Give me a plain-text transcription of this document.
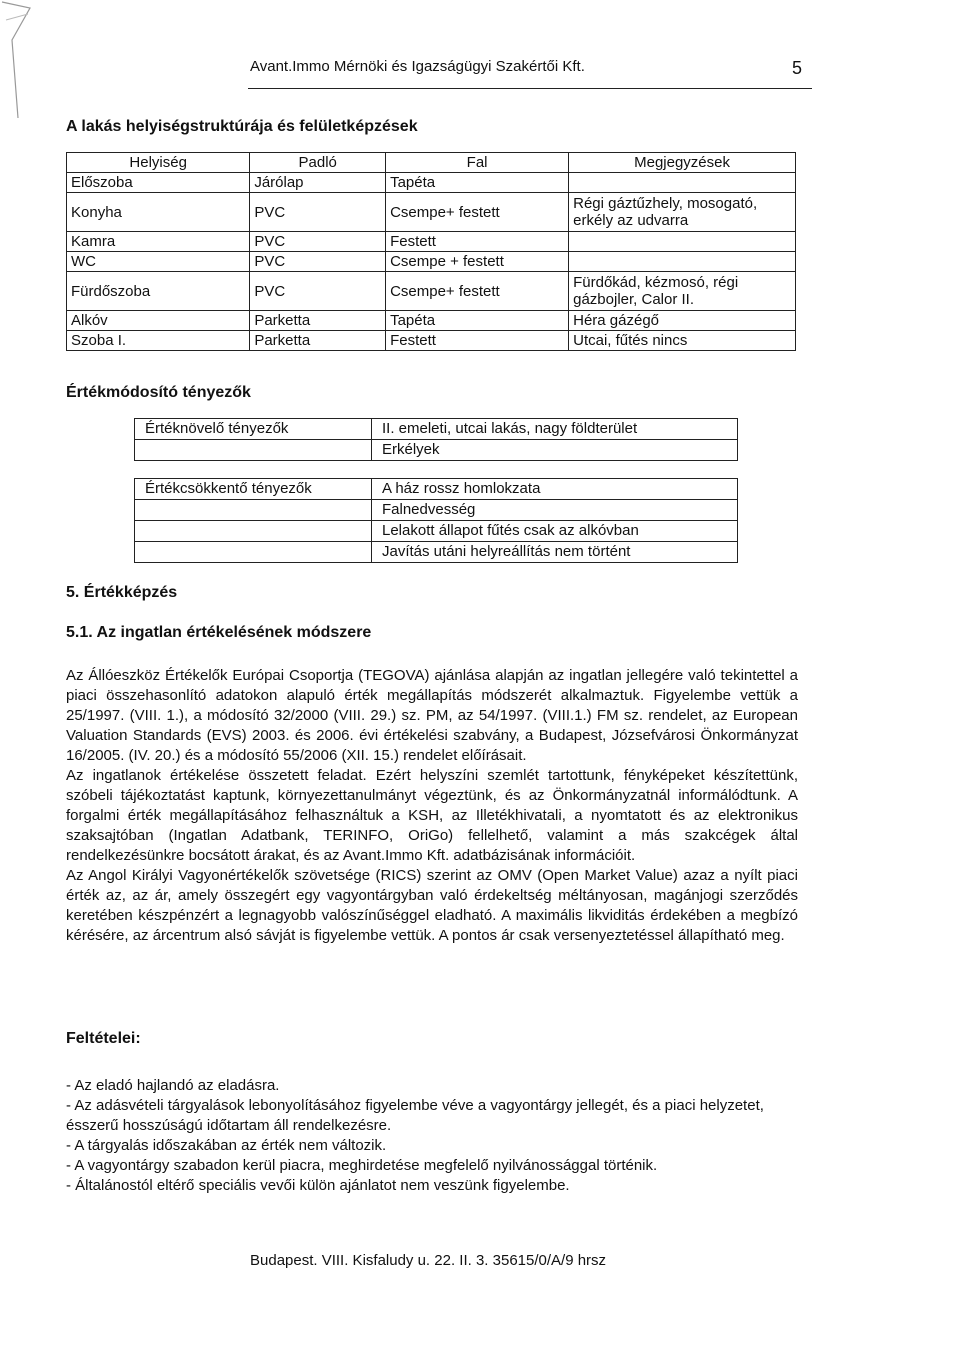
Avant.Immo Mérnöki és Igazságügyi Szakértői Kft.	5
A lakás helyiségstruktúrája és felületképzések
Helyiség	Padló	Fal	Megjegyzések
Előszoba	Járólap	Tapéta	
Konyha	PVC	Csempe+ festett	Régi gáztűzhely, mosogató, erkély az udvarra
Kamra	PVC	Festett	
WC	PVC	Csempe + festett	
Fürdőszoba	PVC	Csempe+ festett	Fürdőkád, kézmosó, régi gázbojler, Calor II.
Alkóv	Parketta	Tapéta	Héra gázégő
Szoba I.	Parketta	Festett	Utcai, fűtés nincs
Értékmódosító tényezők
Értéknövelő tényezők	II. emeleti, utcai lakás, nagy földterület
	Erkélyek
Értékcsökkentő tényezők	A ház rossz homlokzata
	Falnedvesség
	Lelakott állapot fűtés csak az alkóvban
	Javítás utáni helyreállítás nem történt
5. Értékképzés
5.1. Az ingatlan értékelésének módszere

Az Állóeszköz Értékelők Európai Csoportja (TEGOVA) ajánlása alapján az ingatlan jellegére való tekintettel a piaci összehasonlító adatokon alapuló érték megállapítás módszerét alkalmaztuk. Figyelembe vettük a 25/1997. (VIII. 1.), a módosító 32/2000 (VIII. 29.) sz. PM, az 54/1997. (VIII.1.) FM sz. rendelet, az European Valuation Standards (EVS) 2003. és 2006. évi értékelési szabvány, a Budapest, Józsefvárosi Önkormányzat 16/2005. (IV. 20.) és a módosító 55/2006 (XII. 15.) rendelet előírásait.

Az ingatlanok értékelése összetett feladat. Ezért helyszíni szemlét tartottunk, fényképeket készítettünk, szóbeli tájékoztatást kaptunk, környezettanulmányt végeztünk, és az Önkormányzatnál informálódtunk. A forgalmi érték megállapításához felhasználtuk a KSH, az Illetékhivatali, a nyomtatott és az elektronikus szaksajtóban (Ingatlan Adatbank, TERINFO, OriGo) fellelhető, valamint a más szakcégek által rendelkezésünkre bocsátott árakat, és az Avant.Immo Kft. adatbázisának információit.

Az Angol Királyi Vagyonértékelők szövetsége (RICS) szerint az OMV (Open Market Value) azaz a nyílt piaci érték az, az ár, amely összegért egy vagyontárgyban való érdekeltség méltányosan, magánjogi szerződés keretében készpénzért a legnagyobb valószínűséggel eladható. A maximális likviditás érdekében a megbízó kérésére, az árcentrum alsó sávját is figyelembe vettük. A pontos ár csak versenyeztetéssel állapítható meg.

Feltételei:

- Az eladó hajlandó az eladásra.

- Az adásvételi tárgyalások lebonyolításához figyelembe véve a vagyontárgy jellegét, és a piaci helyzetet, ésszerű hosszúságú időtartam áll rendelkezésre.

- A tárgyalás időszakában az érték nem változik.

- A vagyontárgy szabadon kerül piacra, meghirdetése megfelelő nyilvánossággal történik.

- Általánostól eltérő speciális vevői külön ajánlatot nem veszünk figyelembe.

Budapest. VIII. Kisfaludy u. 22. II. 3. 35615/0/A/9 hrsz
